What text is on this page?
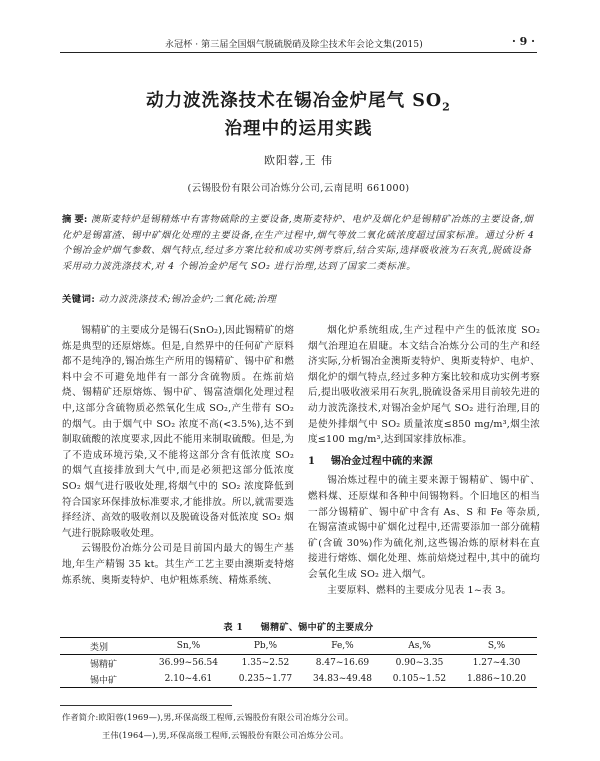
永冠杯 · 第三届全国烟气脱硫脱硝及除尘技术年会论文集(2015)	· 9 ·
动力波洗涤技术在锡冶金炉尾气 $SO_2$
治理中的运用实践
欧阳蓉,王 伟
(云锡股份有限公司冶炼分公司,云南昆明 661000)
摘 要: 澳斯麦特炉是锡精炼中有害物硫除的主要设备,奥斯麦特炉、电炉及烟化炉是锡精矿冶炼的主要设备,烟化炉是锡富渣、锡中矿烟化处理的主要设备,在生产过程中,烟气等放二氧化硫浓度超过国家标准。通过分析 4 个锡冶金炉烟气参数、烟气特点,经过多方案比较和成功实例考察后,结合实际,选择吸收液为石灰乳,脱硫设备采用动力波洗涤技术,对 4 个锡冶金炉尾气 SO₂ 进行治理,达到了国家二类标准。
关键词: 动力波洗涤技术;锡冶金炉;二氧化硫;治理

锡精矿的主要成分是锡石(SnO₂),因此锡精矿的熔炼是典型的还原熔炼。但是,自然界中的任何矿产原料都不是纯净的,锡冶炼生产所用的锡精矿、锡中矿和燃料中会不可避免地伴有一部分含硫物质。在炼前焙烧、锡精矿还原熔炼、锡中矿、锡富渣烟化处理过程中,这部分含硫物质必然氧化生成 SO₂,产生带有 SO₂ 的烟气。由于烟气中 SO₂ 浓度不高(<3.5%),达不到制取硫酸的浓度要求,因此不能用来制取硫酸。但是,为了不造成环境污染,又不能将这部分含有低浓度 SO₂ 的烟气直接排放到大气中,而是必须把这部分低浓度 SO₂ 烟气进行吸收处理,将烟气中的 SO₂ 浓度降低到符合国家环保排放标准要求,才能排放。所以,就需要选择经济、高效的吸收剂以及脱硫设备对低浓度 SO₂ 烟气进行脱除吸收处理。

云锡股份冶炼分公司是目前国内最大的锡生产基地,年生产精锡 35 kt。其生产工艺主要由澳斯麦特熔炼系统、奥斯麦特炉、电炉粗炼系统、精炼系统、

烟化炉系统组成,生产过程中产生的低浓度 SO₂ 烟气治理迫在眉睫。本文结合冶炼分公司的生产和经济实际,分析锡冶金澳斯麦特炉、奥斯麦特炉、电炉、烟化炉的烟气特点,经过多种方案比较和成功实例考察后,提出吸收液采用石灰乳,脱硫设备采用目前较先进的动力波洗涤技术,对锡冶金炉尾气 SO₂ 进行治理,目的是使外排烟气中 SO₂ 质量浓度≤850 mg/m³,烟尘浓度≤100 mg/m³,达到国家排放标准。

1 锡冶金过程中硫的来源

锡冶炼过程中的硫主要来源于锡精矿、锡中矿、燃料煤、还原煤和各种中间锡物料。个旧地区的相当一部分锡精矿、锡中矿中含有 As、S 和 Fe 等杂质,在锡富渣或锡中矿烟化过程中,还需要添加一部分硫精矿(含硫 30%)作为硫化剂,这些锡冶炼的原材料在直接进行熔炼、烟化处理、炼前焙烧过程中,其中的硫均会氧化生成 SO₂ 进入烟气。

主要原料、燃料的主要成分见表 1~表 3。

表 1 锡精矿、锡中矿的主要成分
类别	Sn,%	Pb,%	Fe,%	As,%	S,%
锡精矿	36.99~56.54	1.35~2.52	8.47~16.69	0.90~3.35	1.27~4.30
锡中矿	2.10~4.61	0.235~1.77	34.83~49.48	0.105~1.52	1.886~10.20
作者简介:欧阳蓉(1969—),男,环保高级工程师,云锡股份有限公司冶炼分公司。
王伟(1964—),男,环保高级工程师,云锡股份有限公司冶炼分公司。
